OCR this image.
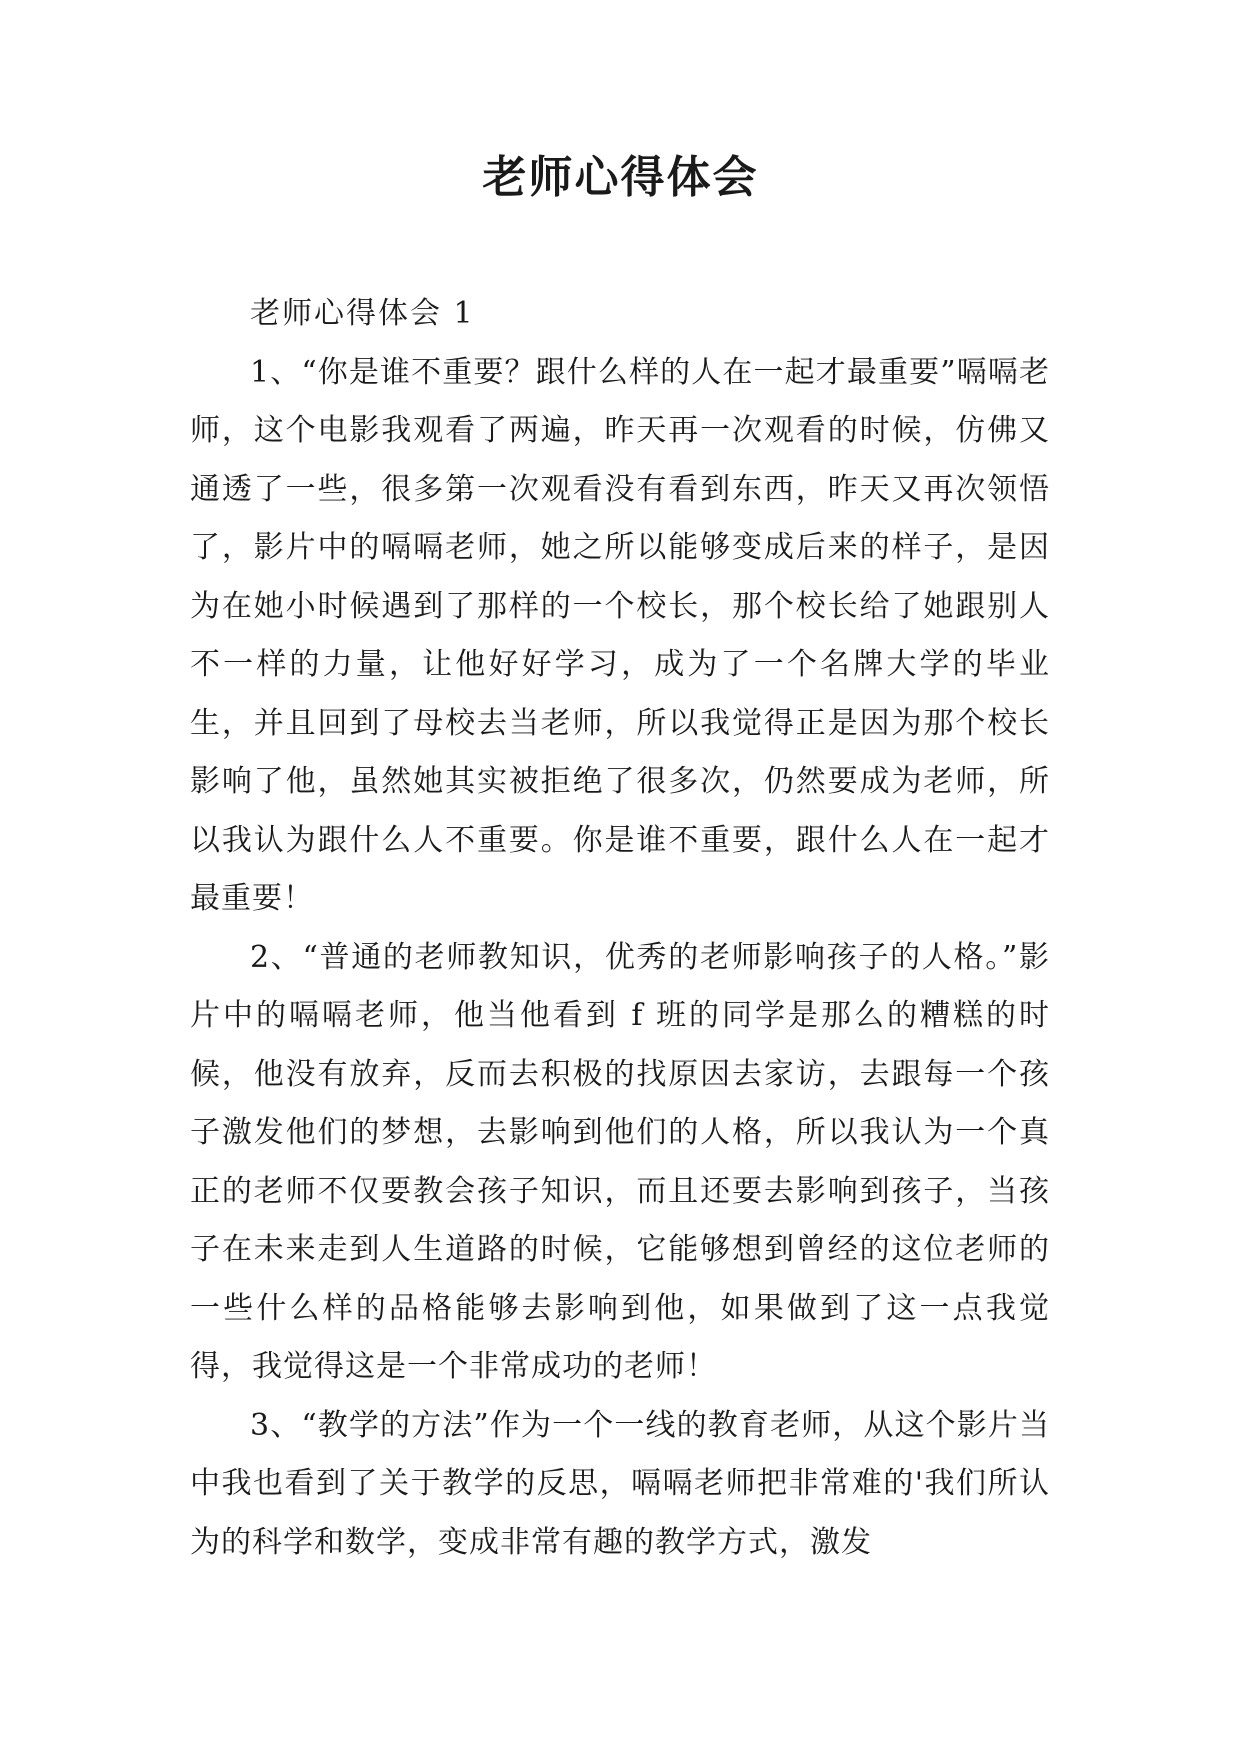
老师心得体会

老师心得体会 1

1、“你是谁不重要？跟什么样的人在一起才最重要”嗝嗝老师，这个电影我观看了两遍，昨天再一次观看的时候，仿佛又通透了一些，很多第一次观看没有看到东西，昨天又再次领悟了，影片中的嗝嗝老师，她之所以能够变成后来的样子，是因为在她小时候遇到了那样的一个校长，那个校长给了她跟别人不一样的力量，让他好好学习，成为了一个名牌大学的毕业生，并且回到了母校去当老师，所以我觉得正是因为那个校长影响了他，虽然她其实被拒绝了很多次，仍然要成为老师，所以我认为跟什么人不重要。你是谁不重要，跟什么人在一起才最重要！

2、“普通的老师教知识，优秀的老师影响孩子的人格。”影片中的嗝嗝老师，他当他看到 f 班的同学是那么的糟糕的时候，他没有放弃，反而去积极的找原因去家访，去跟每一个孩子激发他们的梦想，去影响到他们的人格，所以我认为一个真正的老师不仅要教会孩子知识，而且还要去影响到孩子，当孩子在未来走到人生道路的时候，它能够想到曾经的这位老师的一些什么样的品格能够去影响到他，如果做到了这一点我觉得，我觉得这是一个非常成功的老师！

3、“教学的方法”作为一个一线的教育老师，从这个影片当中我也看到了关于教学的反思，嗝嗝老师把非常难的'我们所认为的科学和数学，变成非常有趣的教学方式，激发
